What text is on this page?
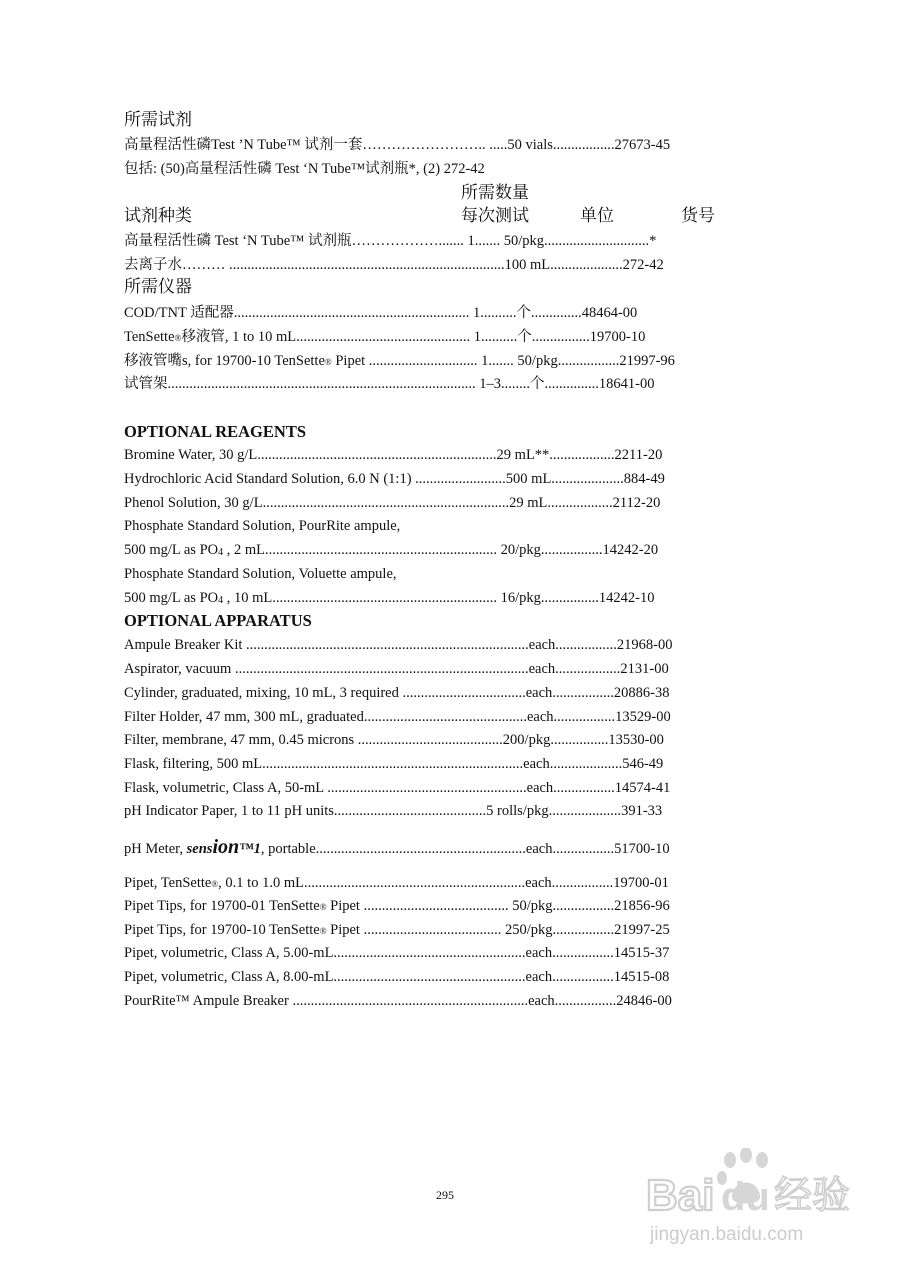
所需试剂
高量程活性磷Test ’N Tube™ 试剂一套…………………….. .....50 vials.................27673-45
包括: (50)高量程活性磷 Test ‘N Tube™试剂瓶*, (2) 272-42
所需数量
试剂种类	每次测试	单位	货号
高量程活性磷 Test ‘N Tube™ 试剂瓶………………....... 1....... 50/pkg.............................*
去离子水……… ............................................................................100 mL....................272-42
所需仪器
COD/TNT 适配器................................................................. 1..........个..............48464-00
TenSette®移液管, 1 to 10 mL................................................ 1..........个................19700-10
移液管嘴s, for 19700-10 TenSette® Pipet .............................. 1....... 50/pkg.................21997-96
试管架..................................................................................... 1–3........个...............18641-00
OPTIONAL REAGENTS
Bromine Water, 30 g/L..................................................................29 mL**..................2211-20
Hydrochloric Acid Standard Solution, 6.0 N (1:1) .........................500 mL....................884-49
Phenol Solution, 30 g/L....................................................................29 mL..................2112-20
Phosphate Standard Solution, PourRite ampule,
500 mg/L as $PO_4$ , 2 mL................................................................ 20/pkg.................14242-20
Phosphate Standard Solution, Voluette ampule,
500 mg/L as $PO_4$ , 10 mL.............................................................. 16/pkg................14242-10
OPTIONAL APPARATUS
Ampule Breaker Kit ..............................................................................each.................21968-00
Aspirator, vacuum .................................................................................each..................2131-00
Cylinder, graduated, mixing, 10 mL, 3 required ..................................each.................20886-38
Filter Holder, 47 mm, 300 mL, graduated.............................................each.................13529-00
Filter, membrane, 47 mm, 0.45 microns ........................................200/pkg................13530-00
Flask, filtering, 500 mL........................................................................each....................546-49
Flask, volumetric, Class A, 50-mL .......................................................each.................14574-41
pH Indicator Paper, 1 to 11 pH units..........................................5 rolls/pkg....................391-33
pH Meter, sension™1, portable..........................................................each.................51700-10
Pipet, TenSette®, 0.1 to 1.0 mL.............................................................each.................19700-01
Pipet Tips, for 19700-01 TenSette® Pipet ........................................ 50/pkg.................21856-96
Pipet Tips, for 19700-10 TenSette® Pipet ...................................... 250/pkg.................21997-25
Pipet, volumetric, Class A, 5.00-mL.....................................................each.................14515-37
Pipet, volumetric, Class A, 8.00-mL.....................................................each.................14515-08
PourRite™ Ampule Breaker .................................................................each.................24846-00
295	Bai du 经验
jingyan.baidu.com
